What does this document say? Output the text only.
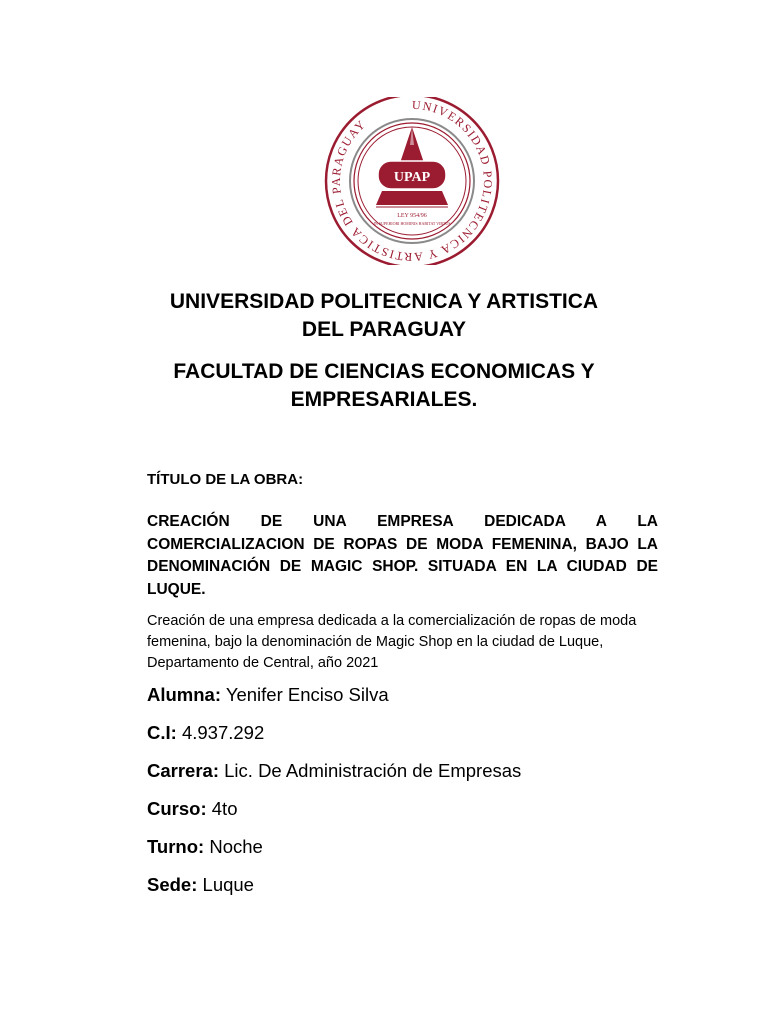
UNIVERSIDAD POLITECNICA Y ARTISTICA DEL PARAGUAY
UPAP
LEY 954/96
IN SUPERIORI HOMINIS HABITAT VIRTUS
UNIVERSIDAD POLITECNICA Y ARTISTICA
DEL PARAGUAY
FACULTAD DE CIENCIAS ECONOMICAS Y
EMPRESARIALES.
TÍTULO DE LA OBRA:
CREACIÓN DE UNA EMPRESA DEDICADA A LA COMERCIALIZACION DE ROPAS DE MODA FEMENINA, BAJO LA DENOMINACIÓN DE MAGIC SHOP. SITUADA EN LA CIUDAD DE LUQUE.
Creación de una empresa dedicada a la comercialización de ropas de moda femenina, bajo la denominación de Magic Shop en la ciudad de Luque, Departamento de Central, año 2021
Alumna: Yenifer Enciso Silva
C.I: 4.937.292
Carrera: Lic. De Administración de Empresas
Curso: 4to
Turno: Noche
Sede: Luque
